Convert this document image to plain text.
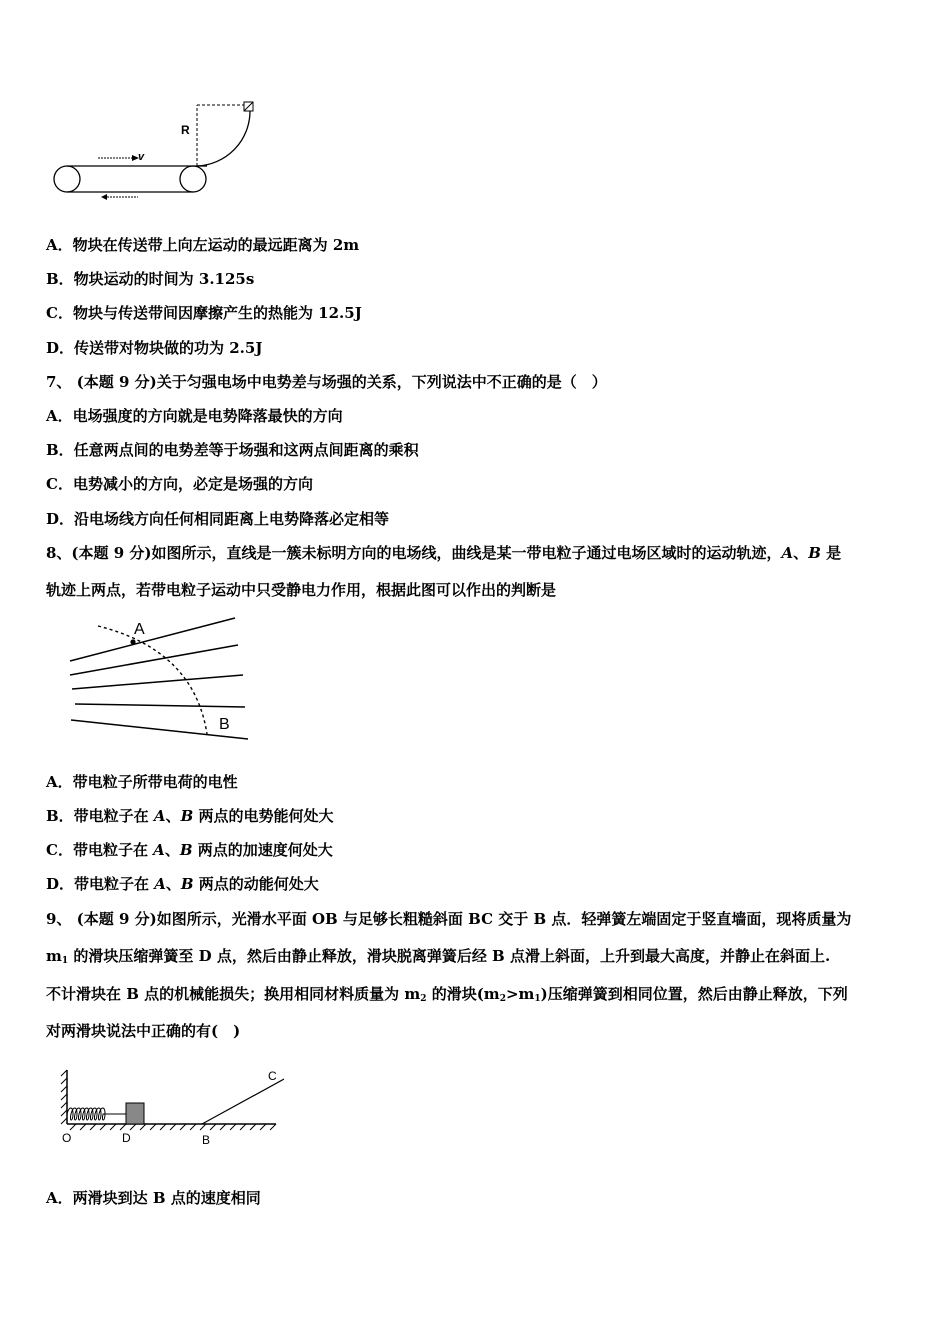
R
v
A．物块在传送带上向左运动的最远距离为 2m
B．物块运动的时间为 3.125s
C．物块与传送带间因摩擦产生的热能为 12.5J
D．传送带对物块做的功为 2.5J
7、 (本题 9 分)关于匀强电场中电势差与场强的关系，下列说法中不正确的是（　）
A．电场强度的方向就是电势降落最快的方向
B．任意两点间的电势差等于场强和这两点间距离的乘积
C．电势减小的方向，必定是场强的方向
D．沿电场线方向任何相同距离上电势降落必定相等
8、(本题 9 分)如图所示，直线是一簇未标明方向的电场线，曲线是某一带电粒子通过电场区域时的运动轨迹，A、B 是
轨迹上两点，若带电粒子运动中只受静电力作用，根据此图可以作出的判断是
A
B
A．带电粒子所带电荷的电性
B．带电粒子在 A、B 两点的电势能何处大
C．带电粒子在 A、B 两点的加速度何处大
D．带电粒子在 A、B 两点的动能何处大
9、 (本题 9 分)如图所示，光滑水平面 OB 与足够长粗糙斜面 BC 交于 B 点．轻弹簧左端固定于竖直墙面，现将质量为
$m_1$ 的滑块压缩弹簧至 D 点，然后由静止释放，滑块脱离弹簧后经 B 点滑上斜面，上升到最大高度，并静止在斜面上.
不计滑块在 B 点的机械能损失；换用相同材料质量为 $m_2$ 的滑块$(m_2>m_1)$压缩弹簧到相同位置，然后由静止释放，下列
对两滑块说法中正确的有(　)
O	D	B
C
A．两滑块到达 B 点的速度相同
